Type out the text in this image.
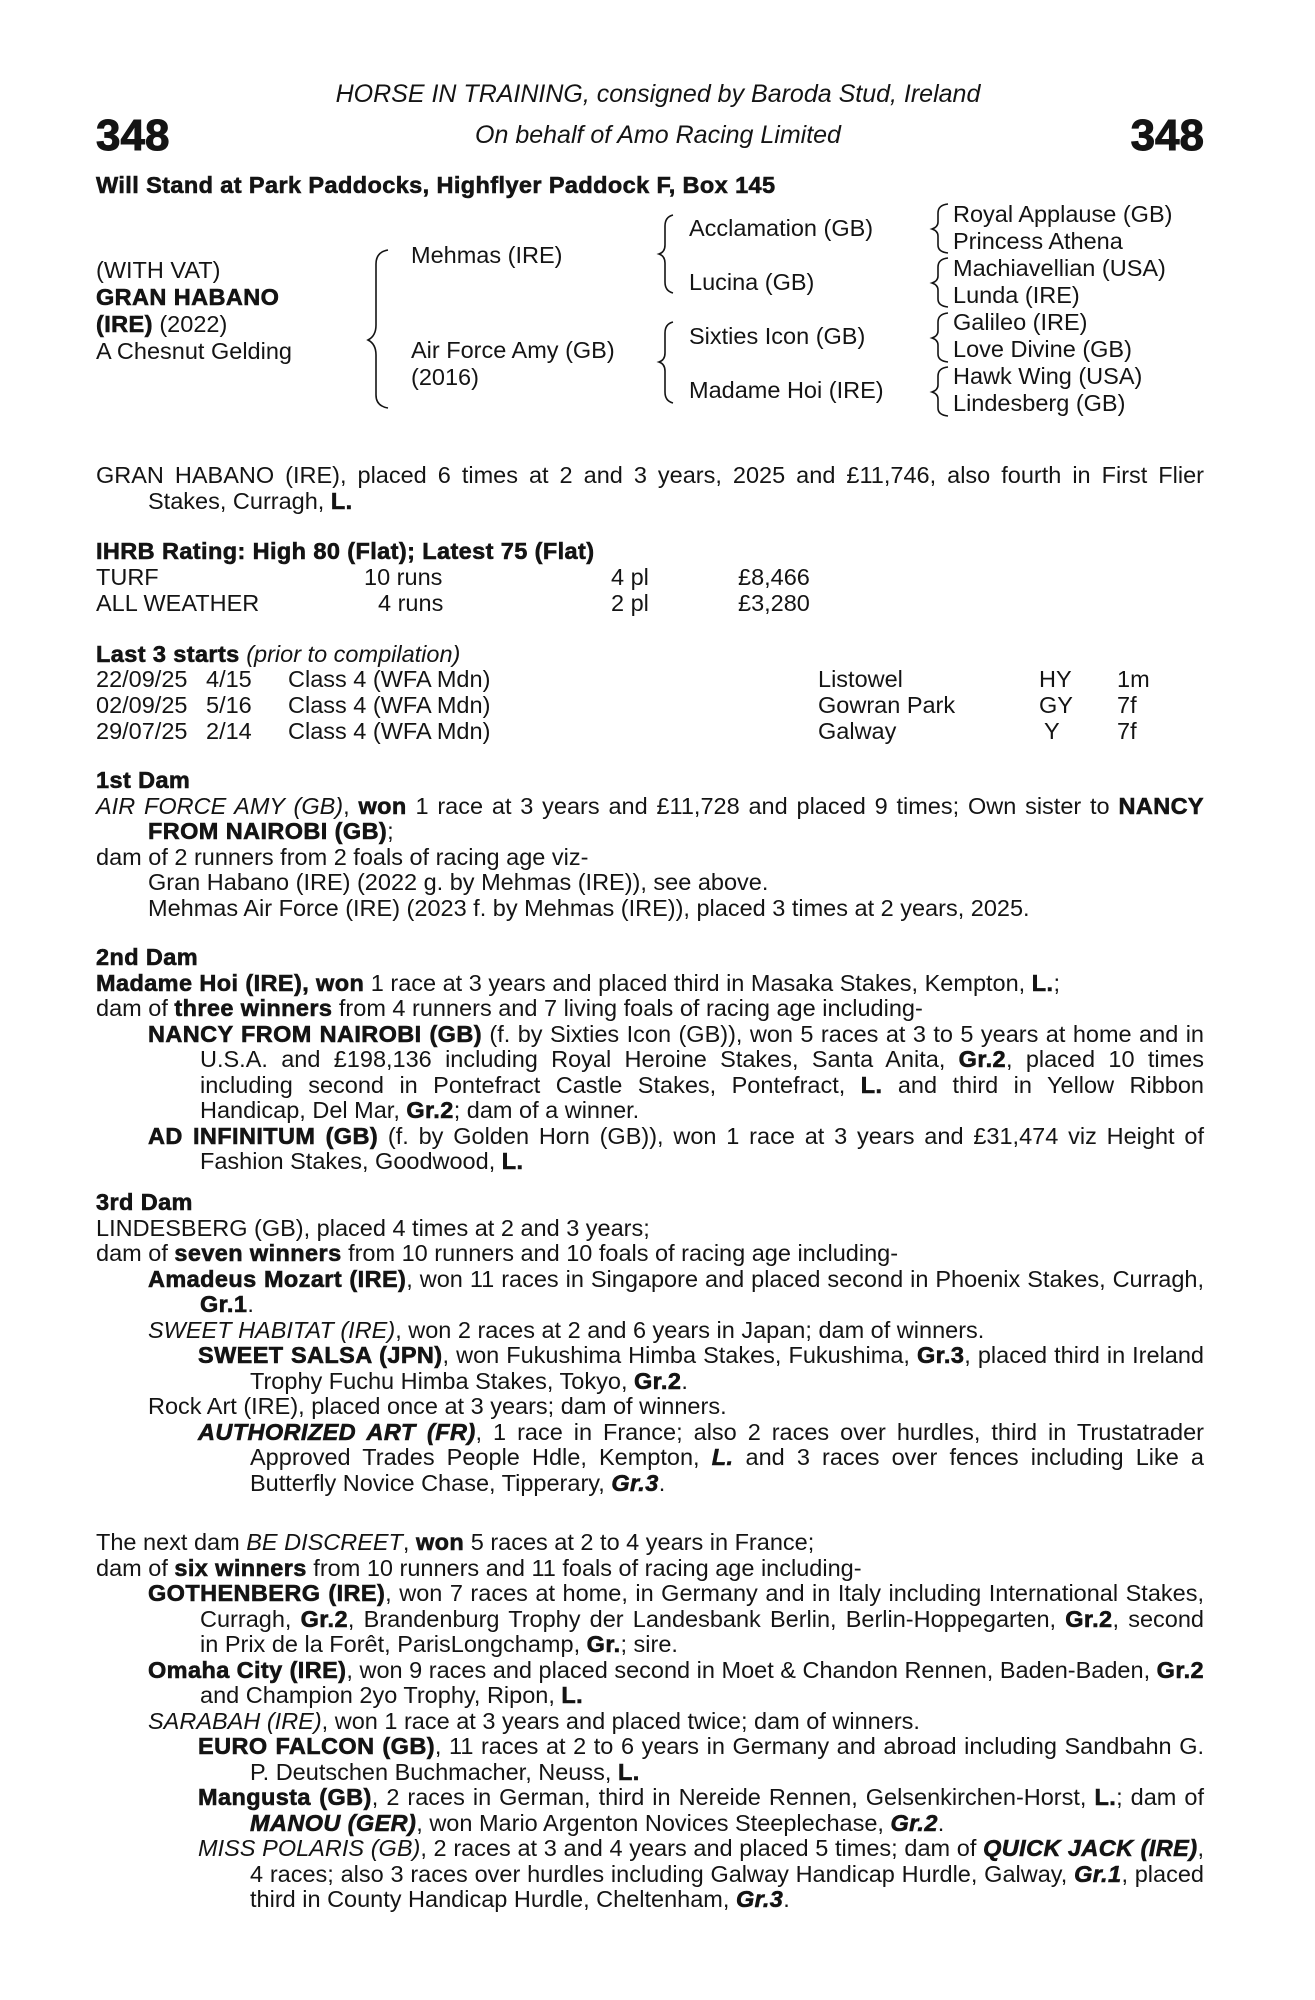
348	348
HORSE IN TRAINING, consigned by Baroda Stud, Ireland
On behalf of Amo Racing Limited
Will Stand at Park Paddocks, Highflyer Paddock F, Box 145
(WITH VAT)
GRAN HABANO
(IRE) (2022)
A Chesnut Gelding
Mehmas (IRE)
Air Force Amy (GB)
(2016)
Acclamation (GB)
Lucina (GB)
Sixties Icon (GB)
Madame Hoi (IRE)
Royal Applause (GB)
Princess Athena
Machiavellian (USA)
Lunda (IRE)
Galileo (IRE)
Love Divine (GB)
Hawk Wing (USA)
Lindesberg (GB)

GRAN HABANO (IRE), placed 6 times at 2 and 3 years, 2025 and £11,746, also fourth in First Flier Stakes, Curragh, L.

IHRB Rating: High 80 (Flat); Latest 75 (Flat)
TURF	10 runs	4 pl	£8,466
ALL WEATHER	4 runs	2 pl	£3,280
Last 3 starts (prior to compilation)
22/09/25 4/15 Class 4 (WFA Mdn)	Listowel	HY 1m
02/09/25 5/16 Class 4 (WFA Mdn)	Gowran Park	GY 7f
29/07/25 2/14 Class 4 (WFA Mdn)	Galway	Y 7f

1st Dam

AIR FORCE AMY (GB), won 1 race at 3 years and £11,728 and placed 9 times; Own sister to NANCY FROM NAIROBI (GB);

dam of 2 runners from 2 foals of racing age viz-

Gran Habano (IRE) (2022 g. by Mehmas (IRE)), see above.

Mehmas Air Force (IRE) (2023 f. by Mehmas (IRE)), placed 3 times at 2 years, 2025.

2nd Dam

Madame Hoi (IRE), won 1 race at 3 years and placed third in Masaka Stakes, Kempton, L.;

dam of three winners from 4 runners and 7 living foals of racing age including-

NANCY FROM NAIROBI (GB) (f. by Sixties Icon (GB)), won 5 races at 3 to 5 years at home and in U.S.A. and £198,136 including Royal Heroine Stakes, Santa Anita, Gr.2, placed 10 times including second in Pontefract Castle Stakes, Pontefract, L. and third in Yellow Ribbon Handicap, Del Mar, Gr.2; dam of a winner.

AD INFINITUM (GB) (f. by Golden Horn (GB)), won 1 race at 3 years and £31,474 viz Height of Fashion Stakes, Goodwood, L.

3rd Dam

LINDESBERG (GB), placed 4 times at 2 and 3 years;

dam of seven winners from 10 runners and 10 foals of racing age including-

Amadeus Mozart (IRE), won 11 races in Singapore and placed second in Phoenix Stakes, Curragh, Gr.1.

SWEET HABITAT (IRE), won 2 races at 2 and 6 years in Japan; dam of winners.

SWEET SALSA (JPN), won Fukushima Himba Stakes, Fukushima, Gr.3, placed third in Ireland Trophy Fuchu Himba Stakes, Tokyo, Gr.2.

Rock Art (IRE), placed once at 3 years; dam of winners.

AUTHORIZED ART (FR), 1 race in France; also 2 races over hurdles, third in Trustatrader Approved Trades People Hdle, Kempton, L. and 3 races over fences including Like a Butterfly Novice Chase, Tipperary, Gr.3.

The next dam BE DISCREET, won 5 races at 2 to 4 years in France;

dam of six winners from 10 runners and 11 foals of racing age including-

GOTHENBERG (IRE), won 7 races at home, in Germany and in Italy including International Stakes, Curragh, Gr.2, Brandenburg Trophy der Landesbank Berlin, Berlin-Hoppegarten, Gr.2, second in Prix de la Forêt, ParisLongchamp, Gr.; sire.

Omaha City (IRE), won 9 races and placed second in Moet & Chandon Rennen, Baden-Baden, Gr.2 and Champion 2yo Trophy, Ripon, L.

SARABAH (IRE), won 1 race at 3 years and placed twice; dam of winners.

EURO FALCON (GB), 11 races at 2 to 6 years in Germany and abroad including Sandbahn G. P. Deutschen Buchmacher, Neuss, L.

Mangusta (GB), 2 races in German, third in Nereide Rennen, Gelsenkirchen-Horst, L.; dam of MANOU (GER), won Mario Argenton Novices Steeplechase, Gr.2.

MISS POLARIS (GB), 2 races at 3 and 4 years and placed 5 times; dam of QUICK JACK (IRE), 4 races; also 3 races over hurdles including Galway Handicap Hurdle, Galway, Gr.1, placed third in County Handicap Hurdle, Cheltenham, Gr.3.
